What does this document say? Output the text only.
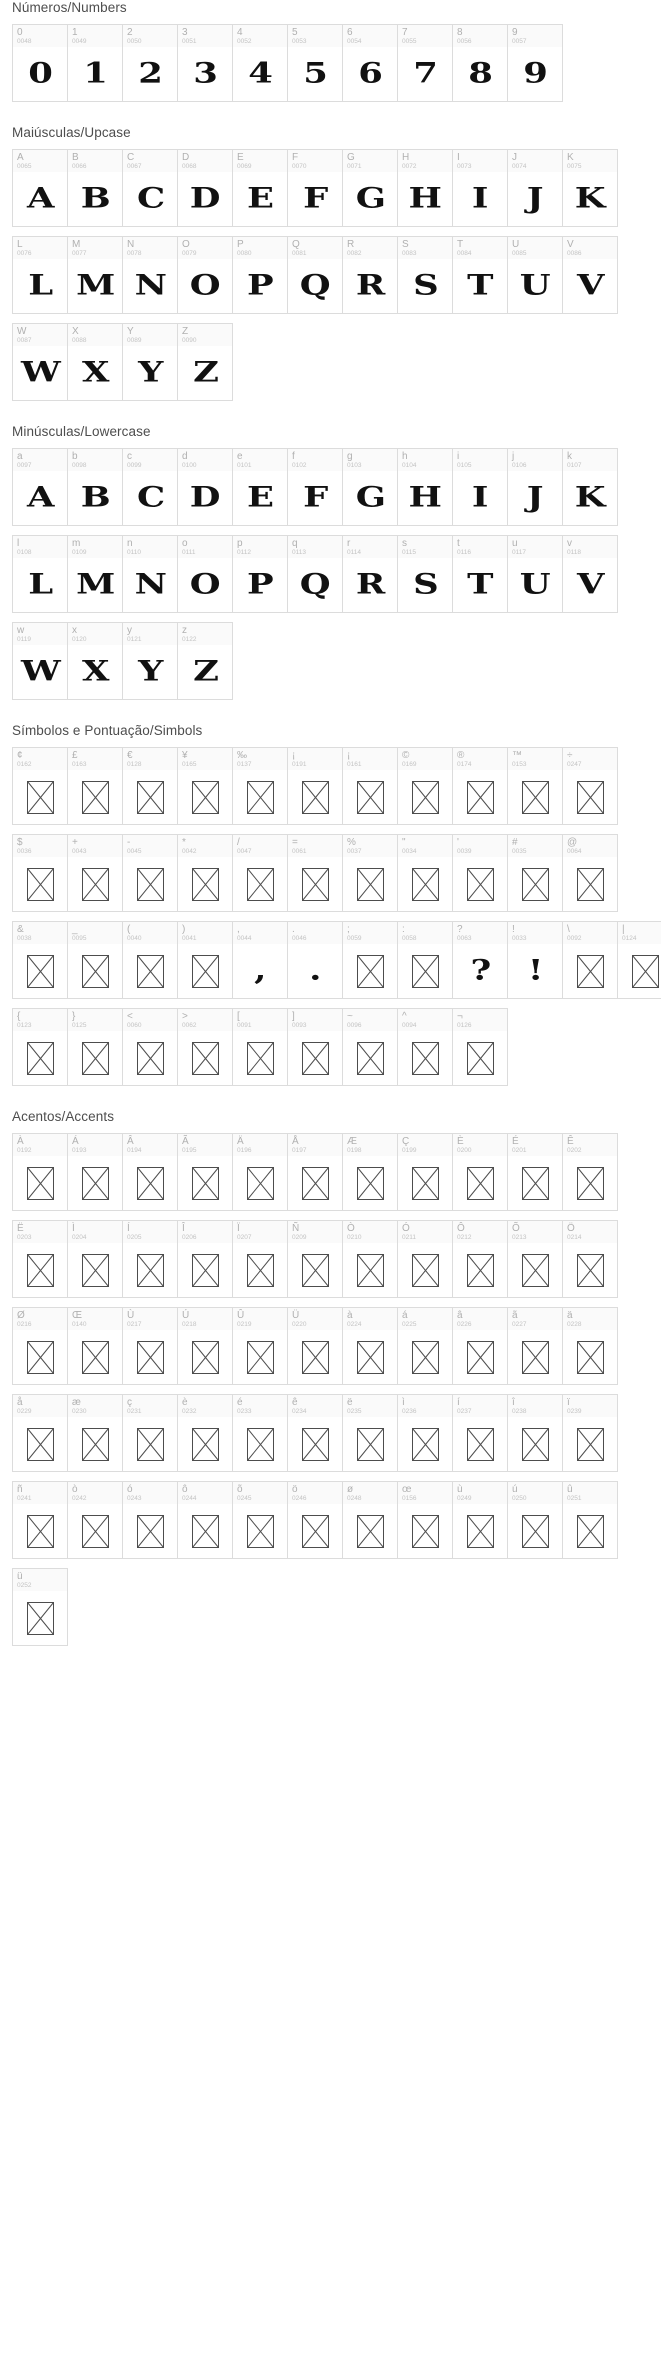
Números/Numbers
0
0048
0
1
0049
1
2
0050
2
3
0051
3
4
0052
4
5
0053
5
6
0054
6
7
0055
7
8
0056
8
9
0057
9
Maiúsculas/Upcase
A
0065
A
B
0066
B
C
0067
C
D
0068
D
E
0069
E
F
0070
F
G
0071
G
H
0072
H
I
0073
I
J
0074
J
K
0075
K
L
0076
L
M
0077
M
N
0078
N
O
0079
O
P
0080
P
Q
0081
Q
R
0082
R
S
0083
S
T
0084
T
U
0085
U
V
0086
V
W
0087
W
X
0088
X
Y
0089
Y
Z
0090
Z
Minúsculas/Lowercase
a
0097
A
b
0098
B
c
0099
C
d
0100
D
e
0101
E
f
0102
F
g
0103
G
h
0104
H
i
0105
I
j
0106
J
k
0107
K
l
0108
L
m
0109
M
n
0110
N
o
0111
O
p
0112
P
q
0113
Q
r
0114
R
s
0115
S
t
0116
T
u
0117
U
v
0118
V
w
0119
W
x
0120
X
y
0121
Y
z
0122
Z
Símbolos e Pontuação/Simbols
¢
0162
£
0163
€
0128
¥
0165
‰
0137
¡
0191
¡
0161
©
0169
®
0174
™
0153
÷
0247
$
0036
+
0043
-
0045
*
0042
/
0047
=
0061
%
0037
"
0034
'
0039
#
0035
@
0064
&
0038
_
0095
(
0040
)
0041
,
0044
,
.
0046
.
;
0059
:
0058
?
0063
?
!
0033
!
\
0092
|
0124
{
0123
}
0125
<
0060
>
0062
[
0091
]
0093
~
0096
^
0094
¬
0126
Acentos/Accents
À
0192
Á
0193
Â
0194
Ã
0195
Ä
0196
Å
0197
Æ
0198
Ç
0199
È
0200
É
0201
Ê
0202
Ë
0203
Ì
0204
Í
0205
Î
0206
Ï
0207
Ñ
0209
Ò
0210
Ó
0211
Ô
0212
Õ
0213
Ö
0214
Ø
0216
Œ
0140
Ù
0217
Ú
0218
Û
0219
Ü
0220
à
0224
á
0225
â
0226
ã
0227
ä
0228
å
0229
æ
0230
ç
0231
è
0232
é
0233
ê
0234
ë
0235
ì
0236
í
0237
î
0238
ï
0239
ñ
0241
ò
0242
ó
0243
ô
0244
õ
0245
ö
0246
ø
0248
œ
0156
ù
0249
ú
0250
û
0251
ü
0252
